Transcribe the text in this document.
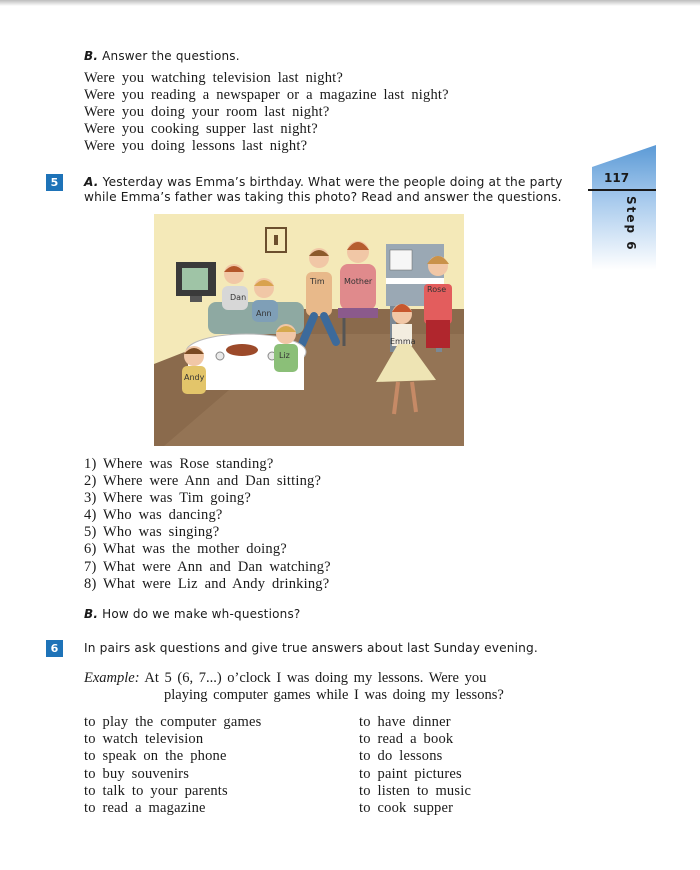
B. Answer the questions.
Were you watching television last night?
Were you reading a newspaper or a magazine last night?
Were you doing your room last night?
Were you cooking supper last night?
Were you doing lessons last night?
117
Step 6
5	A. Yesterday was Emma’s birthday. What were the people doing at the party
while Emma’s father was taking this photo? Read and answer the questions.
Tim Mother
Rose
Dan
Ann
Emma
Andy
Liz
1) Where was Rose standing?
2) Where were Ann and Dan sitting?
3) Where was Tim going?
4) Who was dancing?
5) Who was singing?
6) What was the mother doing?
7) What were Ann and Dan watching?
8) What were Liz and Andy drinking?
B. How do we make wh-questions?
6	In pairs ask questions and give true answers about last Sunday evening.
Example: At 5 (6, 7...) o’clock I was doing my lessons. Were you
playing computer games while I was doing my lessons?
to play the computer games
to watch television
to speak on the phone
to buy souvenirs
to talk to your parents
to read a magazine
to have dinner
to read a book
to do lessons
to paint pictures
to listen to music
to cook supper
